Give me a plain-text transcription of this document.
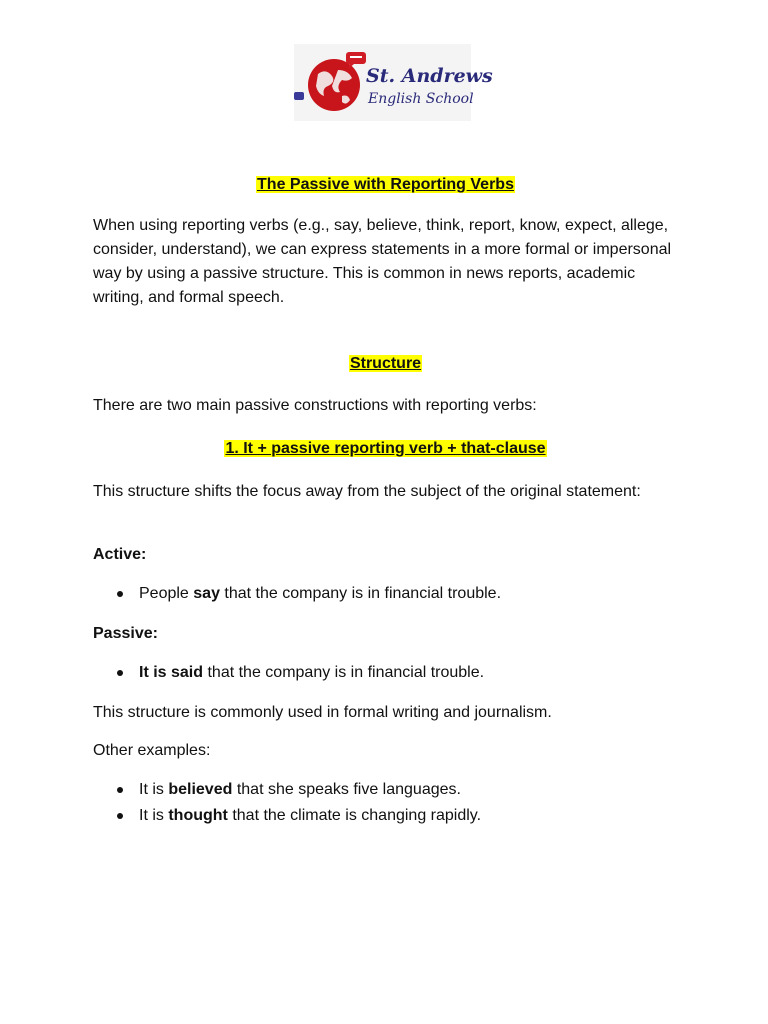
St. Andrews
English School

The Passive with Reporting Verbs

When using reporting verbs (e.g., say, believe, think, report, know, expect, allege, consider, understand), we can express statements in a more formal or impersonal way by using a passive structure. This is common in news reports, academic writing, and formal speech.

Structure

There are two main passive constructions with reporting verbs:

1. It + passive reporting verb + that-clause

This structure shifts the focus away from the subject of the original statement:

Active:

People say that the company is in financial trouble.

Passive:

It is said that the company is in financial trouble.

This structure is commonly used in formal writing and journalism.

Other examples:

It is believed that she speaks five languages.
It is thought that the climate is changing rapidly.
